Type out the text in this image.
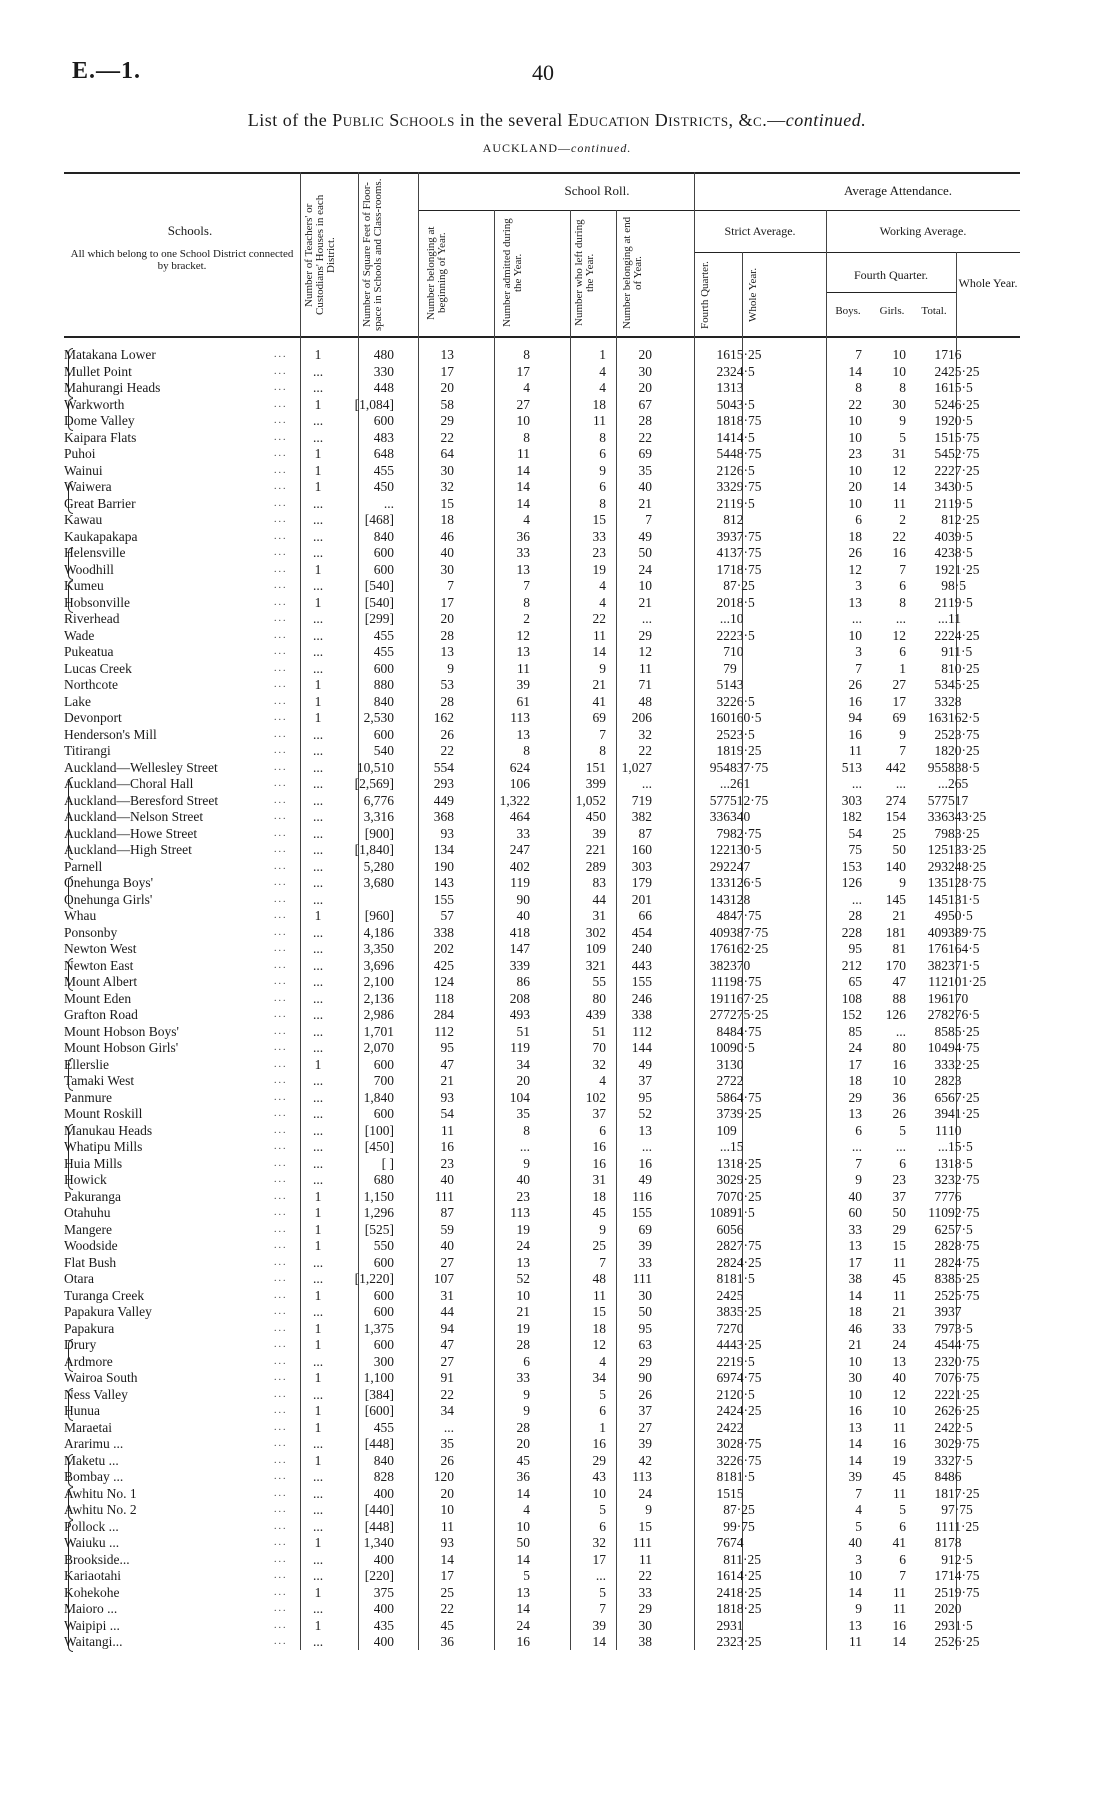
E.—1.	40
List of the Public Schools in the several Education Districts, &c.—continued.
AUCKLAND—continued.
Schools.
All which belong to one School District connected by bracket.	Number of Teachers' or Custodians' Houses in each District.	Number of Square Feet of Floor-space in Schools and Class-rooms.	School Roll.
Number belonging at beginning of Year.	Number admitted during the Year.	Number who left during the Year.	Number belonging at end of Year.
Average Attendance.
Strict Average.
Fourth Quarter.	Whole Year.
Working Average.
Fourth Quarter.
Boys.	Girls.	Total.
Whole Year.
Matakana Lower	...	1	480	13	8	1	20	16	15·25	7	10	17	16
Mullet Point	...	...	330	17	17	4	30	23	24·5	14	10	24	25·25
Mahurangi Heads	...	...	448	20	4	4	20	13	13	8	8	16	15·5
Warkworth	...	1	[1,084]	58	27	18	67	50	43·5	22	30	52	46·25
Dome Valley	...	...	600	29	10	11	28	18	18·75	10	9	19	20·5
Kaipara Flats	...	...	483	22	8	8	22	14	14·5	10	5	15	15·75
Puhoi	...	1	648	64	11	6	69	54	48·75	23	31	54	52·75
Wainui	...	1	455	30	14	9	35	21	26·5	10	12	22	27·25
Waiwera	...	1	450	32	14	6	40	33	29·75	20	14	34	30·5
Great Barrier	...	...	...	15	14	8	21	21	19·5	10	11	21	19·5
Kawau	...	...	[468]	18	4	15	7	8	12	6	2	8	12·25
Kaukapakapa	...	...	840	46	36	33	49	39	37·75	18	22	40	39·5
Helensville	...	...	600	40	33	23	50	41	37·75	26	16	42	38·5
Woodhill	...	1	600	30	13	19	24	17	18·75	12	7	19	21·25
Kumeu	...	...	[540]	7	7	4	10	8	7·25	3	6	9	8·5
Hobsonville	...	1	[540]	17	8	4	21	20	18·5	13	8	21	19·5
Riverhead	...	...	[299]	20	2	22	...	...	10	...	...	...	11
Wade	...	...	455	28	12	11	29	22	23·5	10	12	22	24·25
Pukeatua	...	...	455	13	13	14	12	7	10	3	6	9	11·5
Lucas Creek	...	...	600	9	11	9	11	7	9	7	1	8	10·25
Northcote	...	1	880	53	39	21	71	51	43	26	27	53	45·25
Lake	...	1	840	28	61	41	48	32	26·5	16	17	33	28
Devonport	...	1	2,530	162	113	69	206	160	160·5	94	69	163	162·5
Henderson's Mill	...	...	600	26	13	7	32	25	23·5	16	9	25	23·75
Titirangi	...	...	540	22	8	8	22	18	19·25	11	7	18	20·25
Auckland—Wellesley Street	...	...	10,510	554	624	151	1,027	954	837·75	513	442	955	838·5
Auckland—Choral Hall	...	...	[2,569]	293	106	399	...	...	261	...	...	...	265
Auckland—Beresford Street	...	...	6,776	449	1,322	1,052	719	577	512·75	303	274	577	517
Auckland—Nelson Street	...	...	3,316	368	464	450	382	336	340	182	154	336	343·25
Auckland—Howe Street	...	...	[900]	93	33	39	87	79	82·75	54	25	79	83·25
Auckland—High Street	...	...	[1,840]	134	247	221	160	122	130·5	75	50	125	133·25
Parnell	...	...	5,280	190	402	289	303	292	247	153	140	293	248·25
Onehunga Boys'	...	...	3,680	143	119	83	179	133	126·5	126	9	135	128·75
Onehunga Girls'	...	...		155	90	44	201	143	128	...	145	145	131·5
Whau	...	1	[960]	57	40	31	66	48	47·75	28	21	49	50·5
Ponsonby	...	...	4,186	338	418	302	454	409	387·75	228	181	409	389·75
Newton West	...	...	3,350	202	147	109	240	176	162·25	95	81	176	164·5
Newton East	...	...	3,696	425	339	321	443	382	370	212	170	382	371·5
Mount Albert	...	...	2,100	124	86	55	155	111	98·75	65	47	112	101·25
Mount Eden	...	...	2,136	118	208	80	246	191	167·25	108	88	196	170
Grafton Road	...	...	2,986	284	493	439	338	277	275·25	152	126	278	276·5
Mount Hobson Boys'	...	...	1,701	112	51	51	112	84	84·75	85	...	85	85·25
Mount Hobson Girls'	...	...	2,070	95	119	70	144	100	90·5	24	80	104	94·75
Ellerslie	...	1	600	47	34	32	49	31	30	17	16	33	32·25
Tamaki West	...	...	700	21	20	4	37	27	22	18	10	28	23
Panmure	...	...	1,840	93	104	102	95	58	64·75	29	36	65	67·25
Mount Roskill	...	...	600	54	35	37	52	37	39·25	13	26	39	41·25
Manukau Heads	...	...	[100]	11	8	6	13	10	9	6	5	11	10
Whatipu Mills	...	...	[450]	16	...	16	...	...	15	...	...	...	15·5
Huia Mills	...	...	[ ]	23	9	16	16	13	18·25	7	6	13	18·5
Howick	...	...	680	40	40	31	49	30	29·25	9	23	32	32·75
Pakuranga	...	1	1,150	111	23	18	116	70	70·25	40	37	77	76
Otahuhu	...	1	1,296	87	113	45	155	108	91·5	60	50	110	92·75
Mangere	...	1	[525]	59	19	9	69	60	56	33	29	62	57·5
Woodside	...	1	550	40	24	25	39	28	27·75	13	15	28	28·75
Flat Bush	...	...	600	27	13	7	33	28	24·25	17	11	28	24·75
Otara	...	...	[1,220]	107	52	48	111	81	81·5	38	45	83	85·25
Turanga Creek	...	1	600	31	10	11	30	24	25	14	11	25	25·75
Papakura Valley	...	...	600	44	21	15	50	38	35·25	18	21	39	37
Papakura	...	1	1,375	94	19	18	95	72	70	46	33	79	73·5
Drury	...	1	600	47	28	12	63	44	43·25	21	24	45	44·75
Ardmore	...	...	300	27	6	4	29	22	19·5	10	13	23	20·75
Wairoa South	...	1	1,100	91	33	34	90	69	74·75	30	40	70	76·75
Ness Valley	...	...	[384]	22	9	5	26	21	20·5	10	12	22	21·25
Hunua	...	1	[600]	34	9	6	37	24	24·25	16	10	26	26·25
Maraetai	...	1	455	...	28	1	27	24	22	13	11	24	22·5
Ararimu ...	...	...	[448]	35	20	16	39	30	28·75	14	16	30	29·75
Maketu ...	...	1	840	26	45	29	42	32	26·75	14	19	33	27·5
Bombay ...	...	...	828	120	36	43	113	81	81·5	39	45	84	86
Awhitu No. 1	...	...	400	20	14	10	24	15	15	7	11	18	17·25
Awhitu No. 2	...	...	[440]	10	4	5	9	8	7·25	4	5	9	7·75
Pollock ...	...	...	[448]	11	10	6	15	9	9·75	5	6	11	11·25
Waiuku ...	...	1	1,340	93	50	32	111	76	74	40	41	81	78
Brookside...	...	...	400	14	14	17	11	8	11·25	3	6	9	12·5
Kariaotahi	...	...	[220]	17	5	...	22	16	14·25	10	7	17	14·75
Kohekohe	...	1	375	25	13	5	33	24	18·25	14	11	25	19·75
Maioro ...	...	...	400	22	14	7	29	18	18·25	9	11	20	20
Waipipi ...	...	1	435	45	24	39	30	29	31	13	16	29	31·5
Waitangi...	...	...	400	36	16	14	38	23	23·25	11	14	25	26·25
